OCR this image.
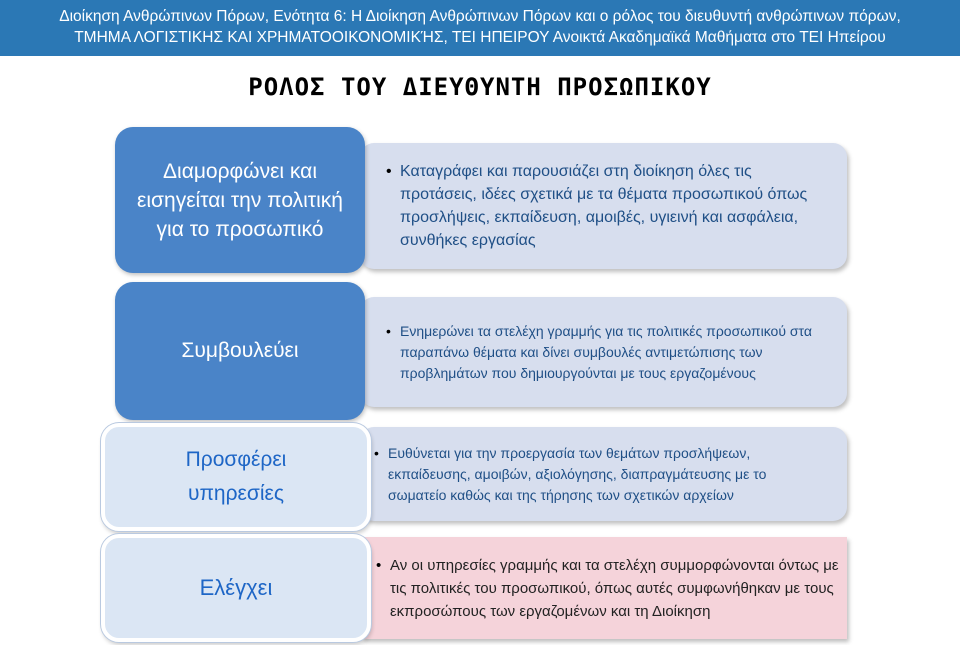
Διοίκηση Ανθρώπινων Πόρων, Ενότητα 6: Η Διοίκηση Ανθρώπινων Πόρων και ο ρόλος του διευθυντή ανθρώπινων πόρων,
ΤΜΗΜΑ ΛΟΓΙΣΤΙΚΗΣ ΚΑΙ ΧΡΗΜΑΤΟΟΙΚΟΝΟΜΙΚΉΣ, ΤΕΙ ΗΠΕΙΡΟΥ Ανοικτά Ακαδημαϊκά Μαθήματα στο ΤΕΙ Ηπείρου
ΡΟΛΟΣ ΤΟΥ ΔΙΕΥΘΥΝΤΗ ΠΡΟΣΩΠΙΚΟΥ
• Καταγράφει και παρουσιάζει στη διοίκηση όλες τις προτάσεις, ιδέες σχετικά με τα θέματα προσωπικού όπως προσλήψεις, εκπαίδευση, αμοιβές, υγιεινή και ασφάλεια, συνθήκες εργασίας
Διαμορφώνει και εισηγείται την πολιτική για το προσωπικό
• Ενημερώνει τα στελέχη γραμμής για τις πολιτικές προσωπικού στα παραπάνω θέματα και δίνει συμβουλές αντιμετώπισης των προβλημάτων που δημιουργούνται με τους εργαζομένους
Συμβουλεύει
• Ευθύνεται για την προεργασία των θεμάτων προσλήψεων, εκπαίδευσης, αμοιβών, αξιολόγησης, διαπραγμάτευσης με το σωματείο καθώς και της τήρησης των σχετικών αρχείων
Προσφέρει υπηρεσίες
• Αν οι υπηρεσίες γραμμής και τα στελέχη συμμορφώνονται όντως με τις πολιτικές του προσωπικού, όπως αυτές συμφωνήθηκαν με τους εκπροσώπους των εργαζομένων και τη Διοίκηση
Ελέγχει
